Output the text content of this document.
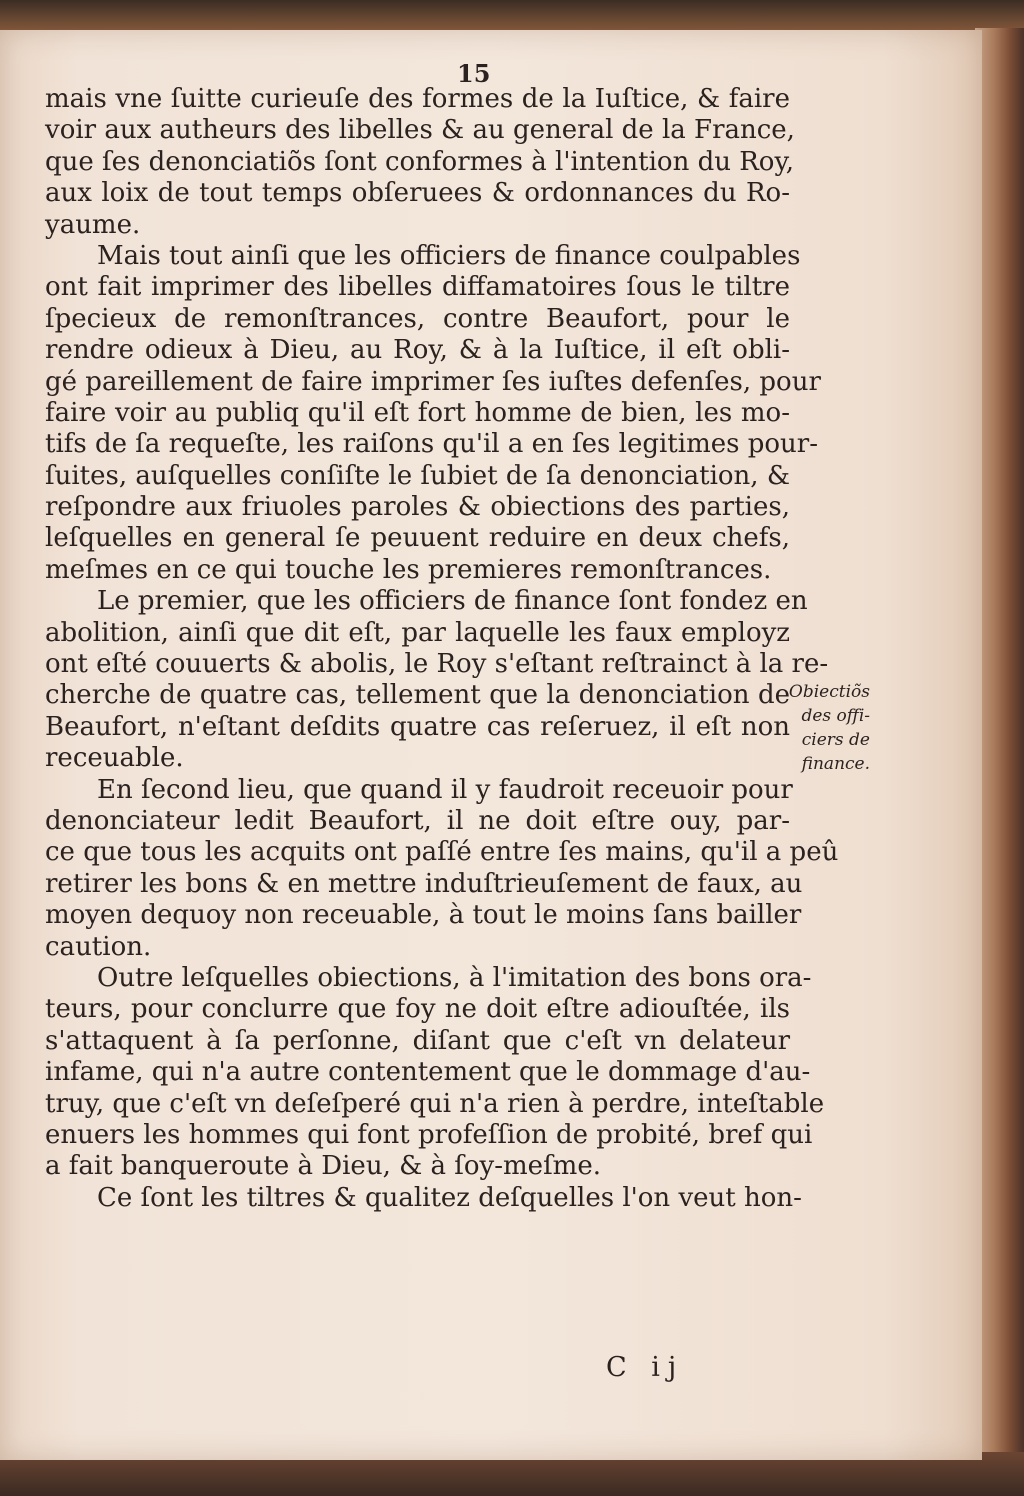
15
mais vne ſuitte curieuſe des formes de la Iuſtice, & faire
voir aux autheurs des libelles & au general de la France,
que ſes denonciatiõs ſont conformes à l'intention du Roy,
aux loix de tout temps obſeruees & ordonnances du Ro-
yaume.
Mais tout ainſi que les officiers de finance coulpables
ont fait imprimer des libelles diffamatoires ſous le tiltre
ſpecieux de remonſtrances, contre Beaufort, pour le
rendre odieux à Dieu, au Roy, & à la Iuſtice, il eſt obli-
gé pareillement de faire imprimer ſes iuſtes defenſes, pour
faire voir au publiq qu'il eſt fort homme de bien, les mo-
tifs de ſa requeſte, les raiſons qu'il a en ſes legitimes pour-
ſuites, auſquelles conſiſte le ſubiet de ſa denonciation, &
reſpondre aux friuoles paroles & obiections des parties,
leſquelles en general ſe peuuent reduire en deux chefs,
meſmes en ce qui touche les premieres remonſtrances.
Le premier, que les officiers de finance ſont fondez en
abolition, ainſi que dit eſt, par laquelle les faux employz
ont eſté couuerts & abolis, le Roy s'eſtant reſtrainct à la re-
cherche de quatre cas, tellement que la denonciation de
Beaufort, n'eſtant deſdits quatre cas reſeruez, il eſt non
receuable.
En ſecond lieu, que quand il y faudroit receuoir pour
denonciateur ledit Beaufort, il ne doit eſtre ouy, par-
ce que tous les acquits ont paſſé entre ſes mains, qu'il a peû
retirer les bons & en mettre induſtrieuſement de faux, au
moyen dequoy non receuable, à tout le moins ſans bailler
caution.
Outre leſquelles obiections, à l'imitation des bons ora-
teurs, pour conclurre que foy ne doit eſtre adiouſtée, ils
s'attaquent à ſa perſonne, diſant que c'eſt vn delateur
infame, qui n'a autre contentement que le dommage d'au-
truy, que c'eſt vn deſeſperé qui n'a rien à perdre, inteſtable
enuers les hommes qui font profeſſion de probité, bref qui
a fait banqueroute à Dieu, & à ſoy-meſme.
Ce ſont les tiltres & qualitez deſquelles l'on veut hon-
Obiectiõs
des offi-
ciers de
finance.
C ij
